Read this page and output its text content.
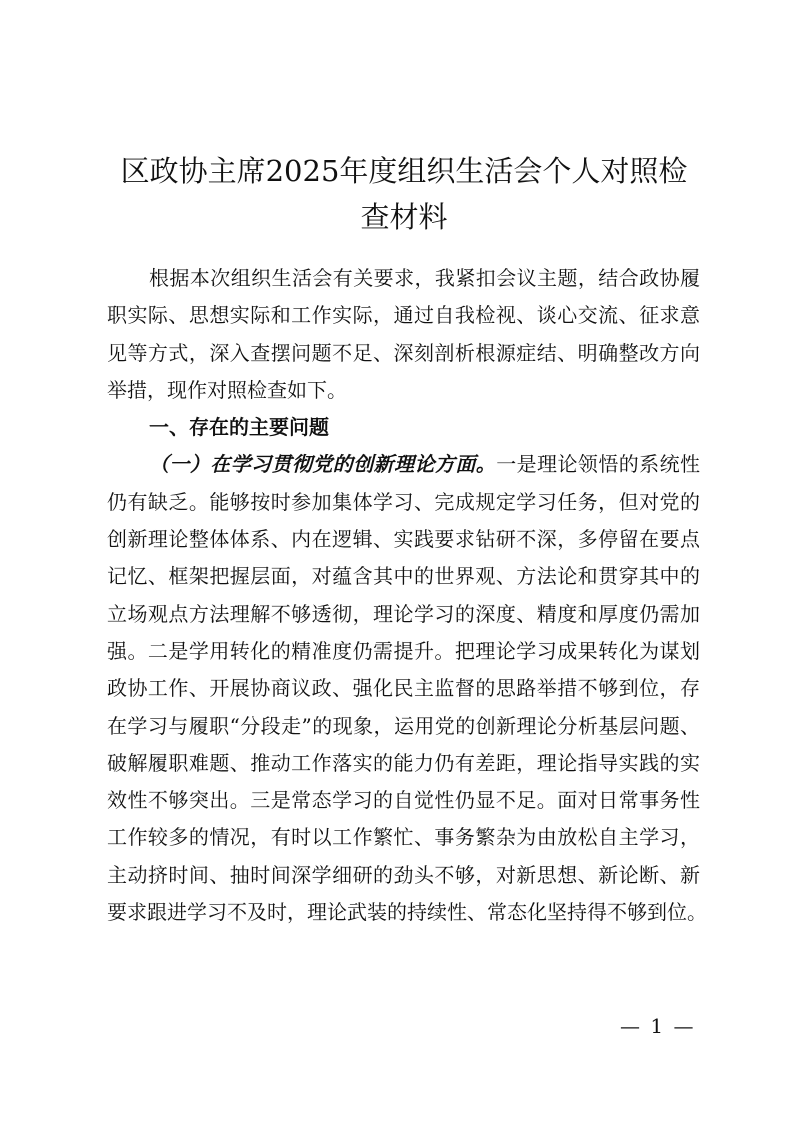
区政协主席2025年度组织生活会个人对照检
查材料
根据本次组织生活会有关要求，我紧扣会议主题，结合政协履
职实际、思想实际和工作实际，通过自我检视、谈心交流、征求意
见等方式，深入查摆问题不足、深刻剖析根源症结、明确整改方向
举措，现作对照检查如下。
一、存在的主要问题
（一）在学习贯彻党的创新理论方面。一是理论领悟的系统性
仍有缺乏。能够按时参加集体学习、完成规定学习任务，但对党的
创新理论整体体系、内在逻辑、实践要求钻研不深，多停留在要点
记忆、框架把握层面，对蕴含其中的世界观、方法论和贯穿其中的
立场观点方法理解不够透彻，理论学习的深度、精度和厚度仍需加
强。二是学用转化的精准度仍需提升。把理论学习成果转化为谋划
政协工作、开展协商议政、强化民主监督的思路举措不够到位，存
在学习与履职“分段走”的现象，运用党的创新理论分析基层问题、
破解履职难题、推动工作落实的能力仍有差距，理论指导实践的实
效性不够突出。三是常态学习的自觉性仍显不足。面对日常事务性
工作较多的情况，有时以工作繁忙、事务繁杂为由放松自主学习，
主动挤时间、抽时间深学细研的劲头不够，对新思想、新论断、新
要求跟进学习不及时，理论武装的持续性、常态化坚持得不够到位。
— 1 —
